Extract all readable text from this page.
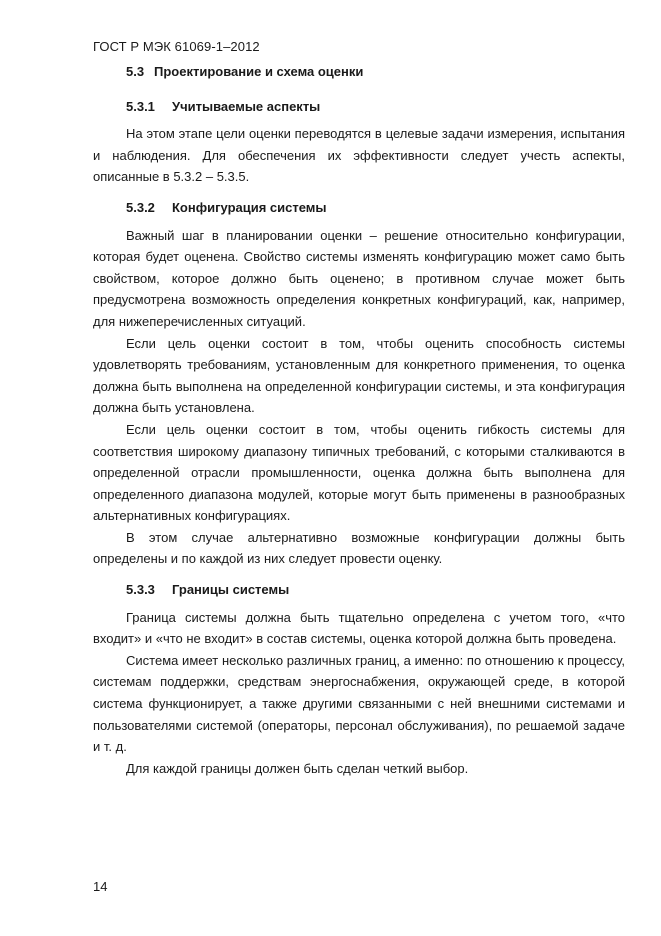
ГОСТ Р МЭК 61069-1–2012
5.3 Проектирование и схема оценки
5.3.1 Учитываемые аспекты

На этом этапе цели оценки переводятся в целевые задачи измерения, испытания и наблюдения. Для обеспечения их эффективности следует учесть аспекты, описанные в 5.3.2 – 5.3.5.

5.3.2 Конфигурация системы

Важный шаг в планировании оценки – решение относительно конфигурации, которая будет оценена. Свойство системы изменять конфигурацию может само быть свойством, которое должно быть оценено; в противном случае может быть предусмотрена возможность определения конкретных конфигураций, как, например, для нижеперечисленных ситуаций.

Если цель оценки состоит в том, чтобы оценить способность системы удовлетворять требованиям, установленным для конкретного применения, то оценка должна быть выполнена на определенной конфигурации системы, и эта конфигурация должна быть установлена.

Если цель оценки состоит в том, чтобы оценить гибкость системы для соответствия широкому диапазону типичных требований, с которыми сталкиваются в определенной отрасли промышленности, оценка должна быть выполнена для определенного диапазона модулей, которые могут быть применены в разнообразных альтернативных конфигурациях.

В этом случае альтернативно возможные конфигурации должны быть определены и по каждой из них следует провести оценку.

5.3.3 Границы системы

Граница системы должна быть тщательно определена с учетом того, «что входит» и «что не входит» в состав системы, оценка которой должна быть проведена.

Система имеет несколько различных границ, а именно: по отношению к процессу, системам поддержки, средствам энергоснабжения, окружающей среде, в которой система функционирует, а также другими связанными с ней внешними системами и пользователями системой (операторы, персонал обслуживания), по решаемой задаче и т. д.

Для каждой границы должен быть сделан четкий выбор.

14
